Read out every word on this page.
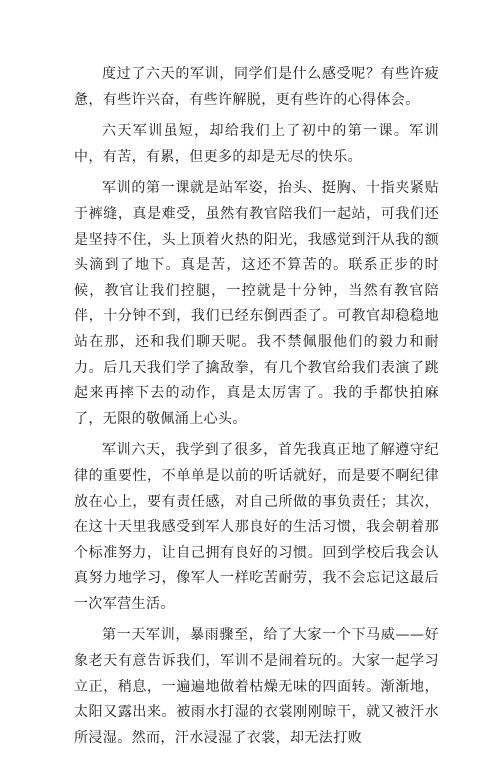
度过了六天的军训，同学们是什么感受呢？有些许疲惫，有些许兴奋，有些许解脱，更有些许的心得体会。

六天军训虽短，却给我们上了初中的第一课。军训中，有苦，有累，但更多的却是无尽的快乐。

军训的第一课就是站军姿，抬头、挺胸、十指夹紧贴于裤缝，真是难受，虽然有教官陪我们一起站，可我们还是坚持不住，头上顶着火热的阳光，我感觉到汗从我的额头滴到了地下。真是苦，这还不算苦的。联系正步的时候，教官让我们控腿，一控就是十分钟，当然有教官陪伴，十分钟不到，我们已经东倒西歪了。可教官却稳稳地站在那，还和我们聊天呢。我不禁佩服他们的毅力和耐力。后几天我们学了擒敌拳，有几个教官给我们表演了跳起来再摔下去的动作，真是太厉害了。我的手都快拍麻了，无限的敬佩涌上心头。

军训六天，我学到了很多，首先我真正地了解遵守纪律的重要性，不单单是以前的听话就好，而是要不啊纪律放在心上，要有责任感，对自己所做的事负责任；其次，在这十天里我感受到军人那良好的生活习惯，我会朝着那个标准努力，让自己拥有良好的习惯。回到学校后我会认真努力地学习，像军人一样吃苦耐劳，我不会忘记这最后一次军营生活。

第一天军训，暴雨骤至，给了大家一个下马威——好象老天有意告诉我们，军训不是闹着玩的。大家一起学习立正，稍息，一遍遍地做着枯燥无味的四面转。渐渐地，太阳又露出来。被雨水打湿的衣裳刚刚晾干，就又被汗水所浸湿。然而，汗水浸湿了衣裳，却无法打败
